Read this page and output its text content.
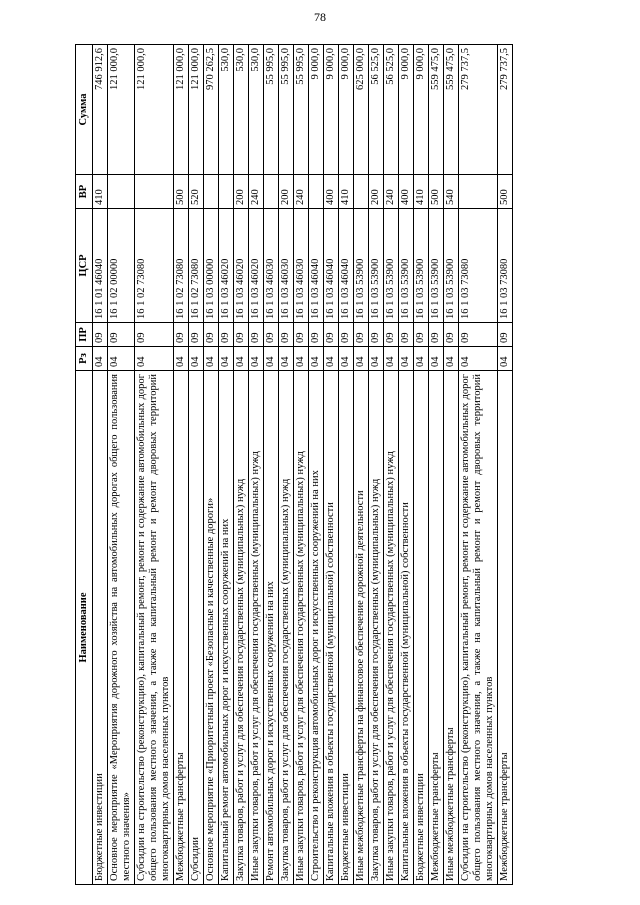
78
Наименование	Рз	ПР	ЦСР	ВР	Сумма
Бюджетные инвестиции	04	09	16 1 01 46040	410	746 912,6
Основное мероприятие «Мероприятия дорожного хозяйства на автомобильных дорогах общего пользования местного значения»	04	09	16 1 02 00000		121 000,0
Субсидии на строительство (реконструкцию), капитальный ремонт, ремонт и содержание автомобильных дорог общего пользования местного значения, а также на капитальный ремонт и ремонт дворовых территорий многоквартирных домов населенных пунктов	04	09	16 1 02 73080		121 000,0
Межбюджетные трансферты	04	09	16 1 02 73080	500	121 000,0
Субсидии	04	09	16 1 02 73080	520	121 000,0
Основное мероприятие «Приоритетный проект «Безопасные и качественные дороги»	04	09	16 1 03 00000		970 262,5
Капитальный ремонт автомобильных дорог и искусственных сооружений на них	04	09	16 1 03 46020		530,0
Закупка товаров, работ и услуг для обеспечения государственных (муниципальных) нужд	04	09	16 1 03 46020	200	530,0
Иные закупки товаров, работ и услуг для обеспечения государственных (муниципальных) нужд	04	09	16 1 03 46020	240	530,0
Ремонт автомобильных дорог и искусственных сооружений на них	04	09	16 1 03 46030		55 995,0
Закупка товаров, работ и услуг для обеспечения государственных (муниципальных) нужд	04	09	16 1 03 46030	200	55 995,0
Иные закупки товаров, работ и услуг для обеспечения государственных (муниципальных) нужд	04	09	16 1 03 46030	240	55 995,0
Строительство и реконструкция автомобильных дорог и искусственных сооружений на них	04	09	16 1 03 46040		9 000,0
Капитальные вложения в объекты государственной (муниципальной) собственности	04	09	16 1 03 46040	400	9 000,0
Бюджетные инвестиции	04	09	16 1 03 46040	410	9 000,0
Иные межбюджетные трансферты на финансовое обеспечение дорожной деятельности	04	09	16 1 03 53900		625 000,0
Закупка товаров, работ и услуг для обеспечения государственных (муниципальных) нужд	04	09	16 1 03 53900	200	56 525,0
Иные закупки товаров, работ и услуг для обеспечения государственных (муниципальных) нужд	04	09	16 1 03 53900	240	56 525,0
Капитальные вложения в объекты государственной (муниципальной) собственности	04	09	16 1 03 53900	400	9 000,0
Бюджетные инвестиции	04	09	16 1 03 53900	410	9 000,0
Межбюджетные трансферты	04	09	16 1 03 53900	500	559 475,0
Иные межбюджетные трансферты	04	09	16 1 03 53900	540	559 475,0
Субсидии на строительство (реконструкцию), капитальный ремонт, ремонт и содержание автомобильных дорог общего пользования местного значения, а также на капитальный ремонт и ремонт дворовых территорий многоквартирных домов населенных пунктов	04	09	16 1 03 73080		279 737,5
Межбюджетные трансферты	04	09	16 1 03 73080	500	279 737,5
